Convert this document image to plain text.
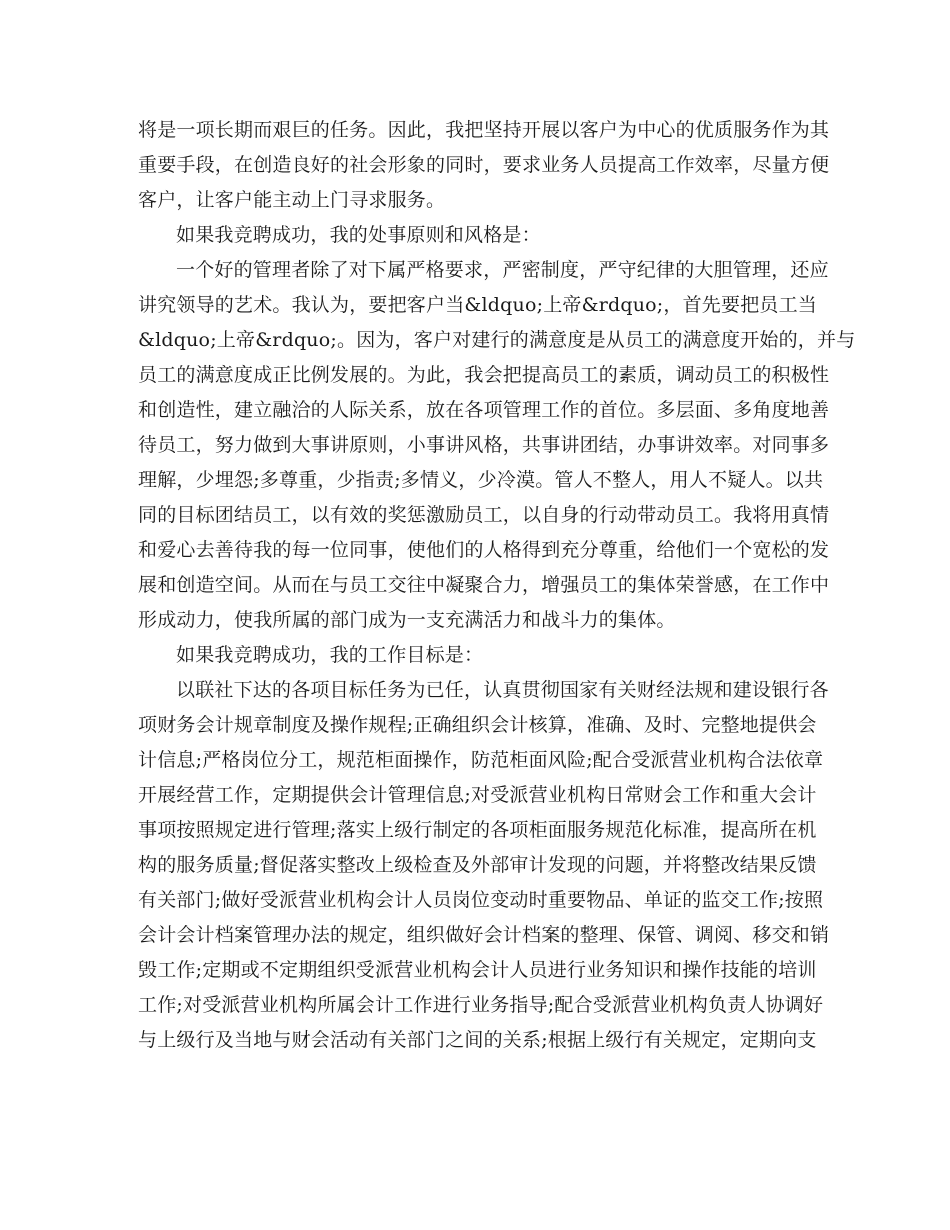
将是一项长期而艰巨的任务。因此，我把坚持开展以客户为中心的优质服务作为其
重要手段，在创造良好的社会形象的同时，要求业务人员提高工作效率，尽量方便
客户，让客户能主动上门寻求服务。
如果我竞聘成功，我的处事原则和风格是：
一个好的管理者除了对下属严格要求，严密制度，严守纪律的大胆管理，还应
讲究领导的艺术。我认为，要把客户当&ldquo;上帝&rdquo;，首先要把员工当
&ldquo;上帝&rdquo;。因为，客户对建行的满意度是从员工的满意度开始的，并与
员工的满意度成正比例发展的。为此，我会把提高员工的素质，调动员工的积极性
和创造性，建立融洽的人际关系，放在各项管理工作的首位。多层面、多角度地善
待员工，努力做到大事讲原则，小事讲风格，共事讲团结，办事讲效率。对同事多
理解，少埋怨;多尊重，少指责;多情义，少冷漠。管人不整人，用人不疑人。以共
同的目标团结员工，以有效的奖惩激励员工，以自身的行动带动员工。我将用真情
和爱心去善待我的每一位同事，使他们的人格得到充分尊重，给他们一个宽松的发
展和创造空间。从而在与员工交往中凝聚合力，增强员工的集体荣誉感，在工作中
形成动力，使我所属的部门成为一支充满活力和战斗力的集体。
如果我竞聘成功，我的工作目标是：
以联社下达的各项目标任务为已任，认真贯彻国家有关财经法规和建设银行各
项财务会计规章制度及操作规程;正确组织会计核算，准确、及时、完整地提供会
计信息;严格岗位分工，规范柜面操作，防范柜面风险;配合受派营业机构合法依章
开展经营工作，定期提供会计管理信息;对受派营业机构日常财会工作和重大会计
事项按照规定进行管理;落实上级行制定的各项柜面服务规范化标准，提高所在机
构的服务质量;督促落实整改上级检查及外部审计发现的问题，并将整改结果反馈
有关部门;做好受派营业机构会计人员岗位变动时重要物品、单证的监交工作;按照
会计会计档案管理办法的规定，组织做好会计档案的整理、保管、调阅、移交和销
毁工作;定期或不定期组织受派营业机构会计人员进行业务知识和操作技能的培训
工作;对受派营业机构所属会计工作进行业务指导;配合受派营业机构负责人协调好
与上级行及当地与财会活动有关部门之间的关系;根据上级行有关规定，定期向支
